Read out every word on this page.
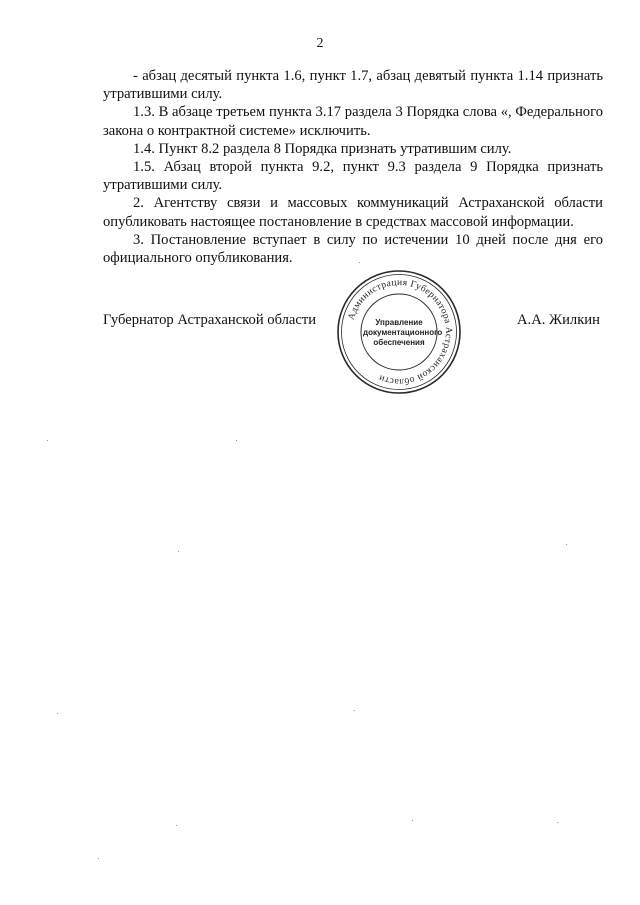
2

- абзац десятый пункта 1.6, пункт 1.7, абзац девятый пункта 1.14 признать утратившими силу.

1.3. В абзаце третьем пункта 3.17 раздела 3 Порядка слова «, Федерального закона о контрактной системе» исключить.

1.4. Пункт 8.2 раздела 8 Порядка признать утратившим силу.

1.5. Абзац второй пункта 9.2, пункт 9.3 раздела 9 Порядка признать утратившими силу.

2. Агентству связи и массовых коммуникаций Астраханской области опубликовать настоящее постановление в средствах массовой информации.

3. Постановление вступает в силу по истечении 10 дней после дня его официального опубликования.

Губернатор Астраханской области	Администрация Губернатора Астраханской области
Управление
документационного
обеспечения
А.А. Жилкин
